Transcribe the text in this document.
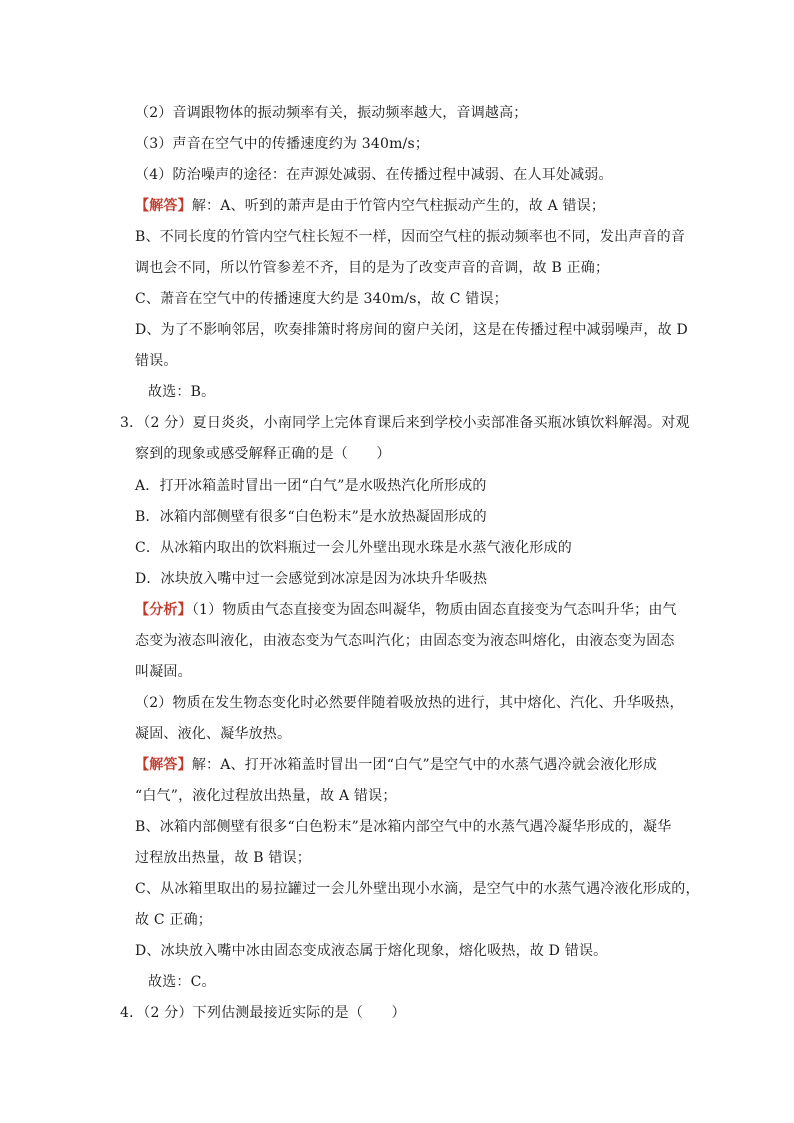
（2）音调跟物体的振动频率有关，振动频率越大，音调越高；
（3）声音在空气中的传播速度约为 340m/s；
（4）防治噪声的途径：在声源处减弱、在传播过程中减弱、在人耳处减弱。
【解答】解：A、听到的萧声是由于竹管内空气柱振动产生的，故 A 错误；
B、不同长度的竹管内空气柱长短不一样，因而空气柱的振动频率也不同，发出声音的音
调也会不同，所以竹管参差不齐，目的是为了改变声音的音调，故 B 正确；
C、萧音在空气中的传播速度大约是 340m/s，故 C 错误；
D、为了不影响邻居，吹奏排箫时将房间的窗户关闭，这是在传播过程中减弱噪声，故 D
错误。
故选：B。
3．（2 分）夏日炎炎，小南同学上完体育课后来到学校小卖部准备买瓶冰镇饮料解渴。对观
察到的现象或感受解释正确的是（　　）
A．打开冰箱盖时冒出一团“白气”是水吸热汽化所形成的
B．冰箱内部侧壁有很多“白色粉末”是水放热凝固形成的
C．从冰箱内取出的饮料瓶过一会儿外壁出现水珠是水蒸气液化形成的
D．冰块放入嘴中过一会感觉到冰凉是因为冰块升华吸热
【分析】（1）物质由气态直接变为固态叫凝华，物质由固态直接变为气态叫升华；由气
态变为液态叫液化，由液态变为气态叫汽化；由固态变为液态叫熔化，由液态变为固态
叫凝固。
（2）物质在发生物态变化时必然要伴随着吸放热的进行，其中熔化、汽化、升华吸热，
凝固、液化、凝华放热。
【解答】解：A、打开冰箱盖时冒出一团“白气”是空气中的水蒸气遇冷就会液化形成
“白气”，液化过程放出热量，故 A 错误；
B、冰箱内部侧壁有很多“白色粉末”是冰箱内部空气中的水蒸气遇冷凝华形成的，凝华
过程放出热量，故 B 错误；
C、从冰箱里取出的易拉罐过一会儿外壁出现小水滴，是空气中的水蒸气遇冷液化形成的，
故 C 正确；
D、冰块放入嘴中冰由固态变成液态属于熔化现象，熔化吸热，故 D 错误。
故选：C。
4．（2 分）下列估测最接近实际的是（　　）
